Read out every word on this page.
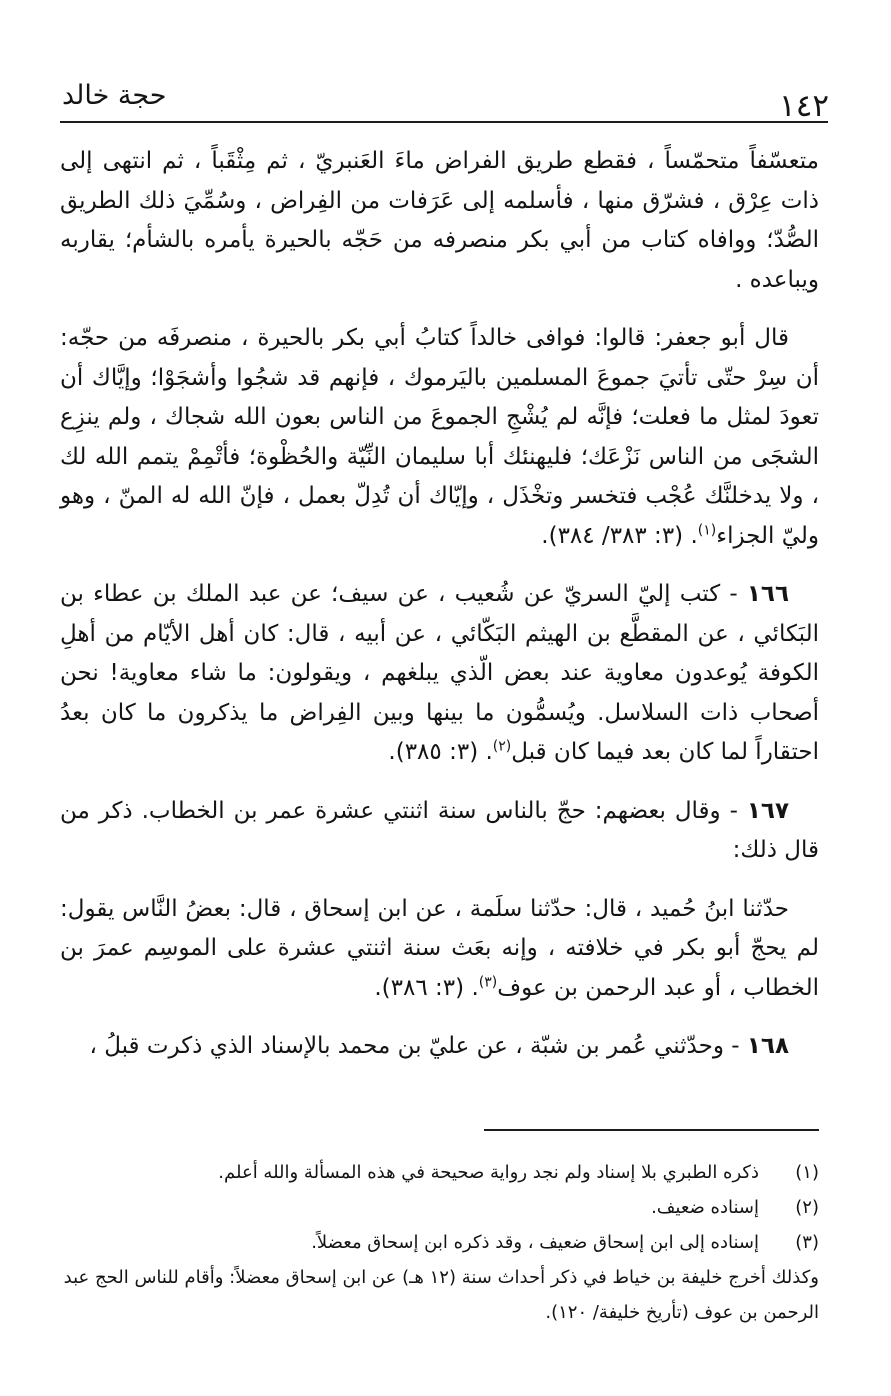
حجة خالد	١٤٢

متعسّفاً متحمّساً ، فقطع طريق الفراض ماءَ العَنبريّ ، ثم مِثْقَباً ، ثم انتهى إلى ذات عِرْق ، فشرّق منها ، فأسلمه إلى عَرَفات من الفِراض ، وسُمِّيَ ذلك الطريق الصُّدّ؛ ووافاه كتاب من أبي بكر منصرفه من حَجّه بالحيرة يأمره بالشأم؛ يقاربه ويباعده .

قال أبو جعفر: قالوا: فوافى خالداً كتابُ أبي بكر بالحيرة ، منصرفَه من حجّه: أن سِرْ حتّى تأتيَ جموعَ المسلمين باليَرموك ، فإنهم قد شجُوا وأشجَوْا؛ وإيَّاك أن تعودَ لمثل ما فعلت؛ فإنَّه لم يُشْجِ الجموعَ من الناس بعون الله شجاك ، ولم ينزِع الشجَى من الناس نَزْعَك؛ فليهنئك أبا سليمان النِّيّة والحُظْوة؛ فأتْمِمْ يتمم الله لك ، ولا يدخلنَّك عُجْب فتخسر وتخْذَل ، وإيّاك أن تُدِلّ بعمل ، فإنّ الله له المنّ ، وهو وليّ الجزاء$^{(١)}$. (٣: ٣٨٣/ ٣٨٤).

١٦٦ - كتب إليّ السريّ عن شُعيب ، عن سيف؛ عن عبد الملك بن عطاء بن البَكائي ، عن المقطَّع بن الهيثم البَكّائي ، عن أبيه ، قال: كان أهل الأيّام من أهلِ الكوفة يُوعدون معاوية عند بعض الّذي يبلغهم ، ويقولون: ما شاء معاوية! نحن أصحاب ذات السلاسل. ويُسمُّون ما بينها وبين الفِراض ما يذكرون ما كان بعدُ احتقاراً لما كان بعد فيما كان قبل$^{(٢)}$. (٣: ٣٨٥).

١٦٧ - وقال بعضهم: حجّ بالناس سنة اثنتي عشرة عمر بن الخطاب. ذكر من قال ذلك:

حدّثنا ابنُ حُميد ، قال: حدّثنا سلَمة ، عن ابن إسحاق ، قال: بعضُ النَّاس يقول: لم يحجّ أبو بكر في خلافته ، وإنه بعَث سنة اثنتي عشرة على الموسِم عمرَ بن الخطاب ، أو عبد الرحمن بن عوف$^{(٣)}$. (٣: ٣٨٦).

١٦٨ - وحدّثني عُمر بن شبّة ، عن عليّ بن محمد بالإسناد الذي ذكرت قبلُ ،

(١)
ذكره الطبري بلا إسناد ولم نجد رواية صحيحة في هذه المسألة والله أعلم.
(٢)
إسناده ضعيف.
(٣)
إسناده إلى ابن إسحاق ضعيف ، وقد ذكره ابن إسحاق معضلاً.

وكذلك أخرج خليفة بن خياط في ذكر أحداث سنة (١٢ هـ) عن ابن إسحاق معضلاً: وأقام للناس الحج عبد الرحمن بن عوف (تأريخ خليفة/ ١٢٠).
